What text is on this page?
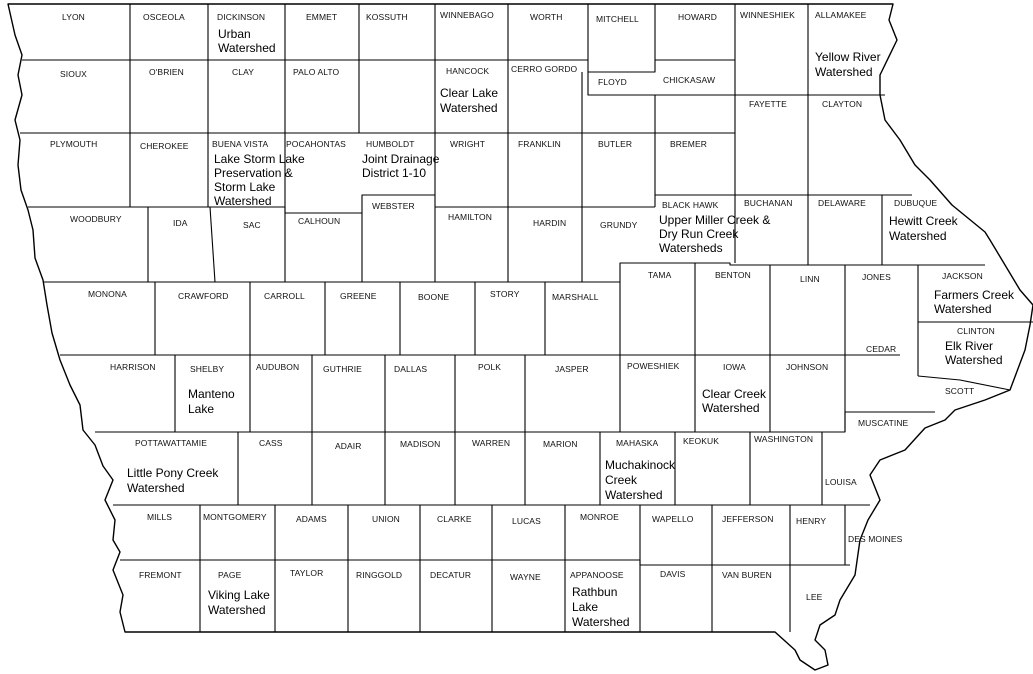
LYON	OSCEOLA	DICKINSON	EMMET	KOSSUTH	WINNEBAGO	WORTH	MITCHELL	HOWARD	WINNESHIEK ALLAMAKEE
SIOUX	O'BRIEN	CLAY	PALO ALTO	HANCOCK	CERRO GORDO
FLOYD	CHICKASAW
FAYETTE	CLAYTON
PLYMOUTH	CHEROKEE	BUENA VISTA POCAHONTAS HUMBOLDT	WRIGHT	FRANKLIN	BUTLER	BREMER
WOODBURY	IDA	SAC	CALHOUN
WEBSTER
HAMILTON
HARDIN	GRUNDY
BLACK HAWK	BUCHANAN	DELAWARE	DUBUQUE
MONONA	CRAWFORD	CARROLL	GREENE	BOONE	STORY	MARSHALL
TAMA	BENTON	LINN	JONES	JACKSON
CLINTON
CEDAR
HARRISON	SHELBY	AUDUBON	GUTHRIE	DALLAS	POLK	JASPER	POWESHIEK	IOWA	JOHNSON
SCOTT
MUSCATINE
POTTAWATTAMIE	CASS	ADAIR	MADISON	WARREN	MARION	MAHASKA	KEOKUK	WASHINGTON
LOUISA
MILLS	MONTGOMERY	ADAMS	UNION	CLARKE	LUCAS	MONROE	WAPELLO	JEFFERSON	HENRY
DES MOINES
FREMONT	PAGE	TAYLOR	RINGGOLD	DECATUR	WAYNE	APPANOOSE	DAVIS	VAN BUREN
LEE
Urban Watershed
Yellow River Watershed
Clear Lake Watershed
Lake Storm Lake Preservation & Storm Lake Watershed
Joint Drainage District 1-10
Upper Miller Creek & Dry Run Creek Watersheds
Hewitt Creek Watershed
Farmers Creek Watershed
Elk River Watershed
Manteno Lake
Clear Creek Watershed
Little Pony Creek Watershed
Muchakinock Creek Watershed
Viking Lake Watershed
Rathbun Lake Watershed
